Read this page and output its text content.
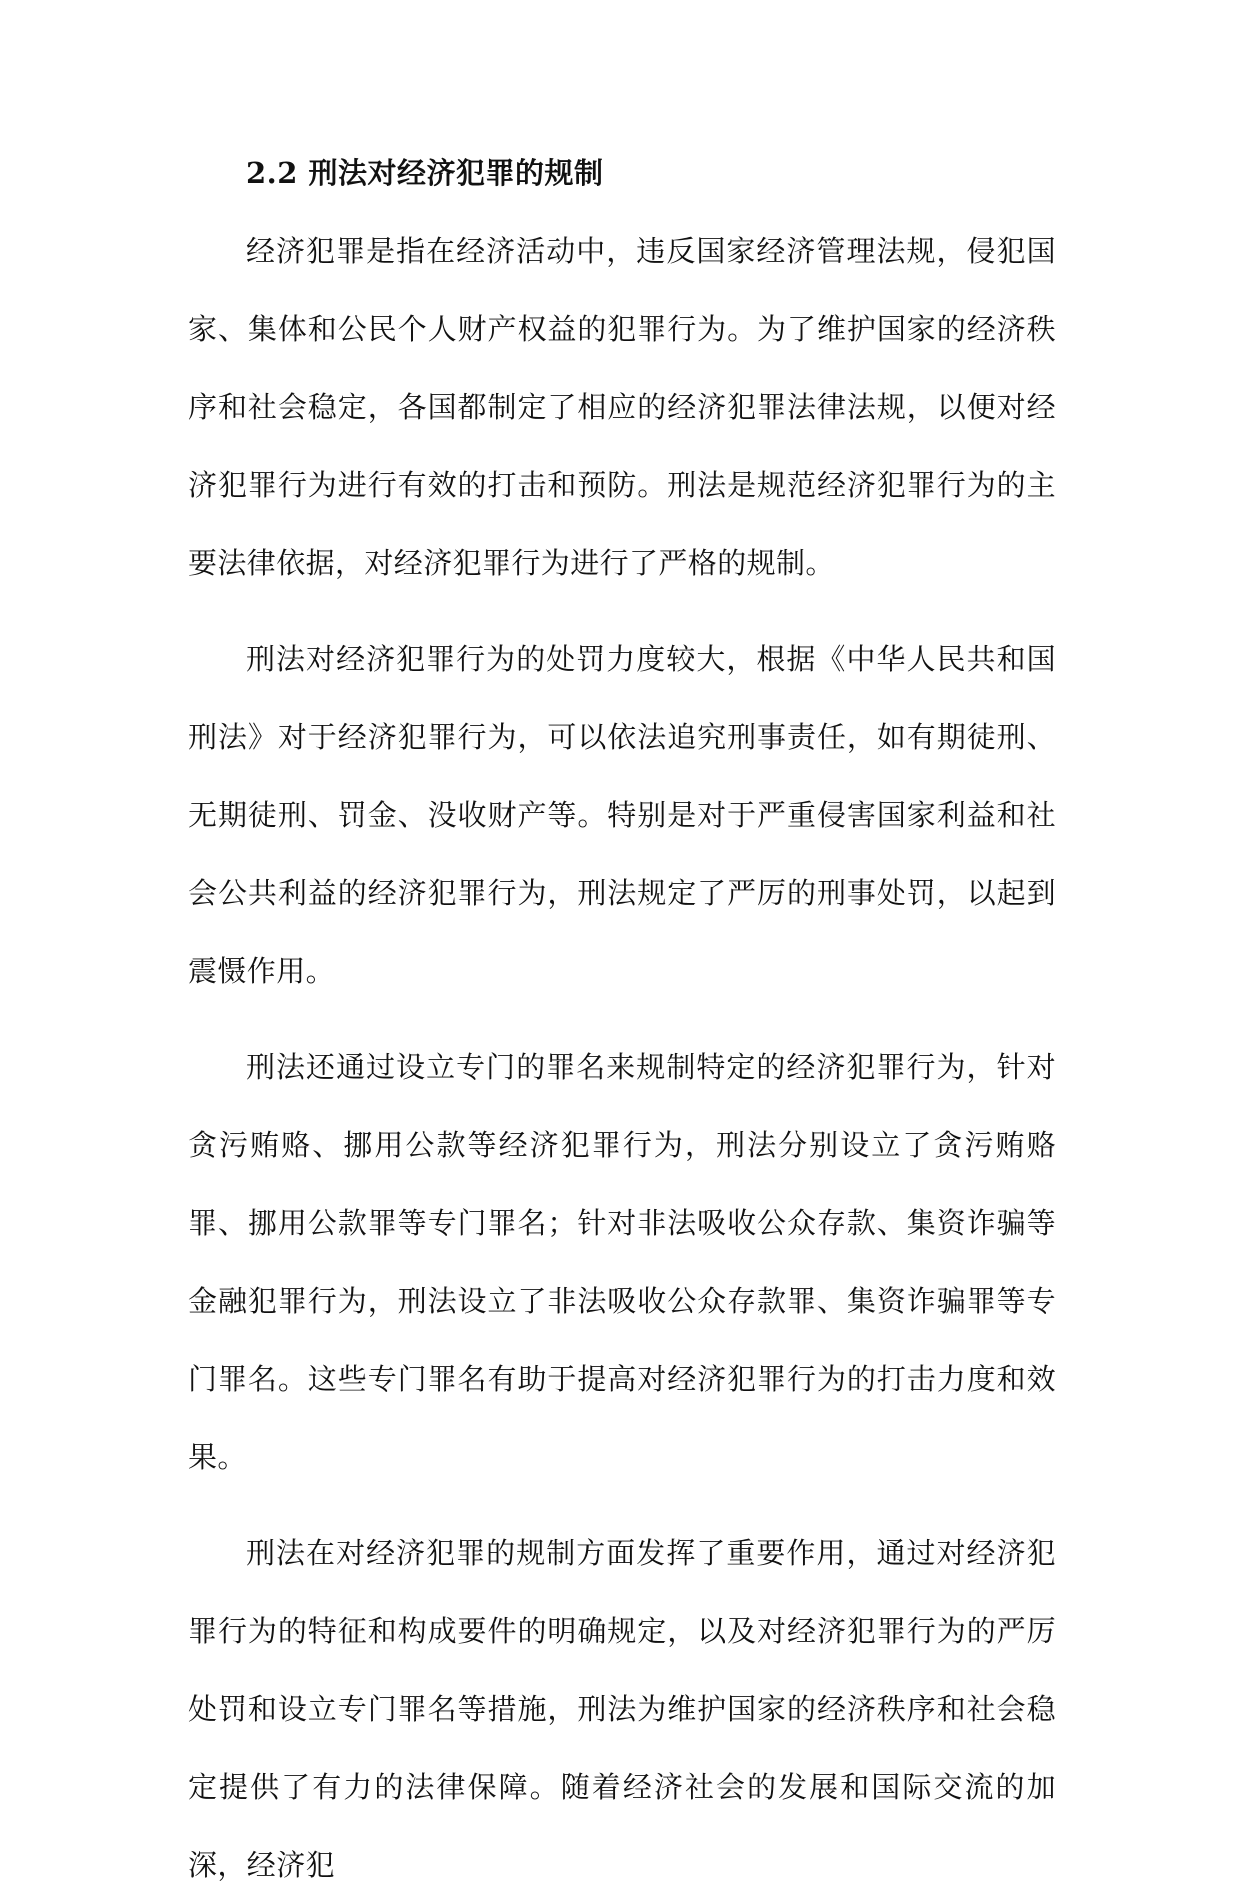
2.2 刑法对经济犯罪的规制

经济犯罪是指在经济活动中，违反国家经济管理法规，侵犯国家、集体和公民个人财产权益的犯罪行为。为了维护国家的经济秩序和社会稳定，各国都制定了相应的经济犯罪法律法规，以便对经济犯罪行为进行有效的打击和预防。刑法是规范经济犯罪行为的主要法律依据，对经济犯罪行为进行了严格的规制。

刑法对经济犯罪行为的处罚力度较大，根据《中华人民共和国刑法》对于经济犯罪行为，可以依法追究刑事责任，如有期徒刑、无期徒刑、罚金、没收财产等。特别是对于严重侵害国家利益和社会公共利益的经济犯罪行为，刑法规定了严厉的刑事处罚，以起到震慑作用。

刑法还通过设立专门的罪名来规制特定的经济犯罪行为，针对贪污贿赂、挪用公款等经济犯罪行为，刑法分别设立了贪污贿赂罪、挪用公款罪等专门罪名；针对非法吸收公众存款、集资诈骗等金融犯罪行为，刑法设立了非法吸收公众存款罪、集资诈骗罪等专门罪名。这些专门罪名有助于提高对经济犯罪行为的打击力度和效果。

刑法在对经济犯罪的规制方面发挥了重要作用，通过对经济犯罪行为的特征和构成要件的明确规定，以及对经济犯罪行为的严厉处罚和设立专门罪名等措施，刑法为维护国家的经济秩序和社会稳定提供了有力的法律保障。随着经济社会的发展和国际交流的加深，经济犯
